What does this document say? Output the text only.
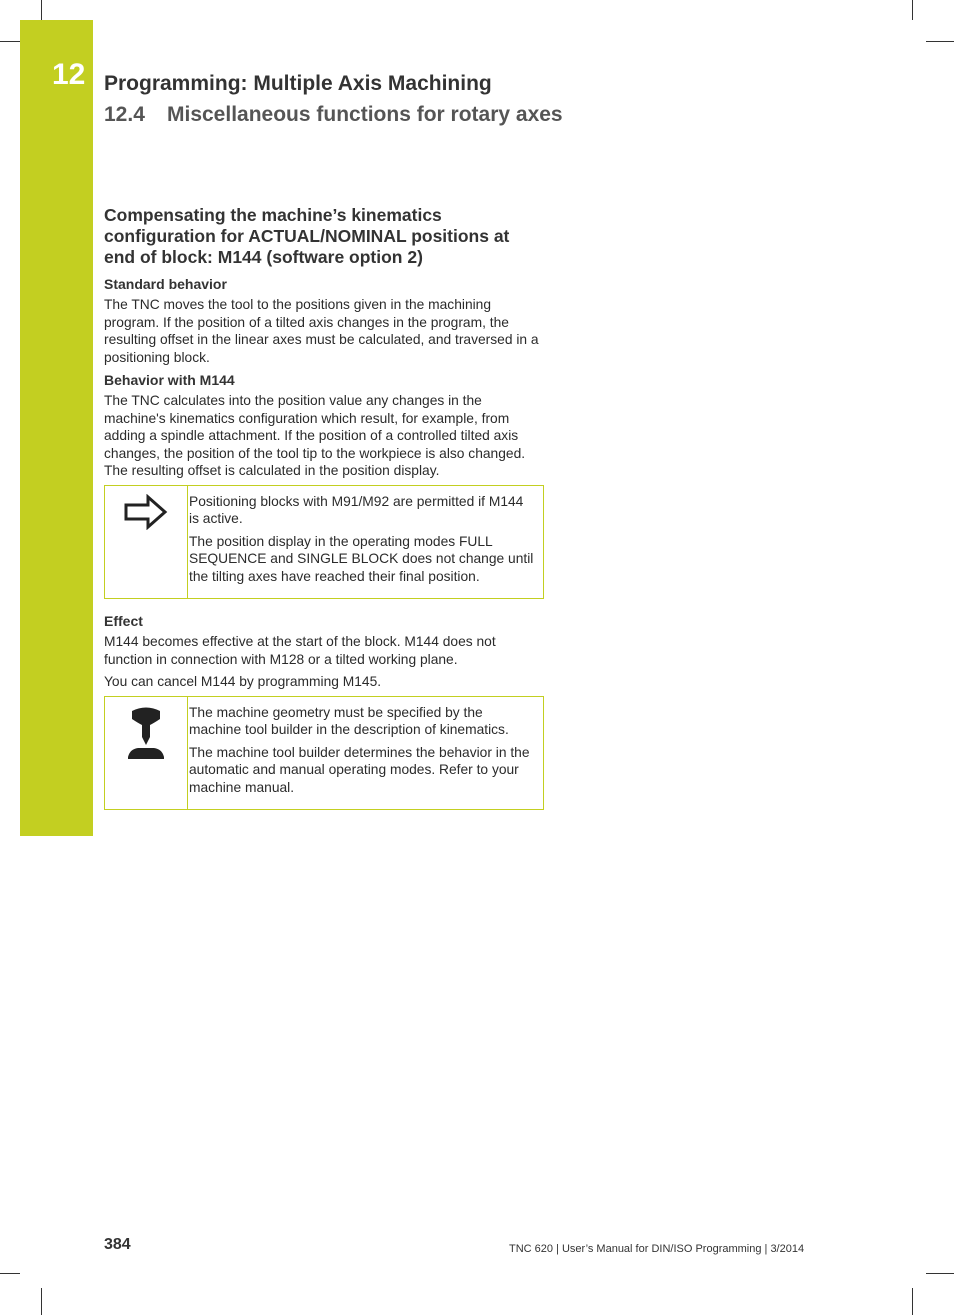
12 Programming: Multiple Axis Machining
12.4 Miscellaneous functions for rotary axes
Compensating the machine’s kinematics configuration for ACTUAL/NOMINAL positions at end of block: M144 (software option 2)
Standard behavior

The TNC moves the tool to the positions given in the machining program. If the position of a tilted axis changes in the program, the resulting offset in the linear axes must be calculated, and traversed in a positioning block.

Behavior with M144

The TNC calculates into the position value any changes in the machine's kinematics configuration which result, for example, from adding a spindle attachment. If the position of a controlled tilted axis changes, the position of the tool tip to the workpiece is also changed. The resulting offset is calculated in the position display.

Positioning blocks with M91/M92 are permitted if M144 is active.

The position display in the operating modes FULL SEQUENCE and SINGLE BLOCK does not change until the tilting axes have reached their final position.

Effect

M144 becomes effective at the start of the block. M144 does not function in connection with M128 or a tilted working plane.

You can cancel M144 by programming M145.

The machine geometry must be specified by the machine tool builder in the description of kinematics.

The machine tool builder determines the behavior in the automatic and manual operating modes. Refer to your machine manual.

384	TNC 620 | User’s Manual for DIN/ISO Programming | 3/2014
